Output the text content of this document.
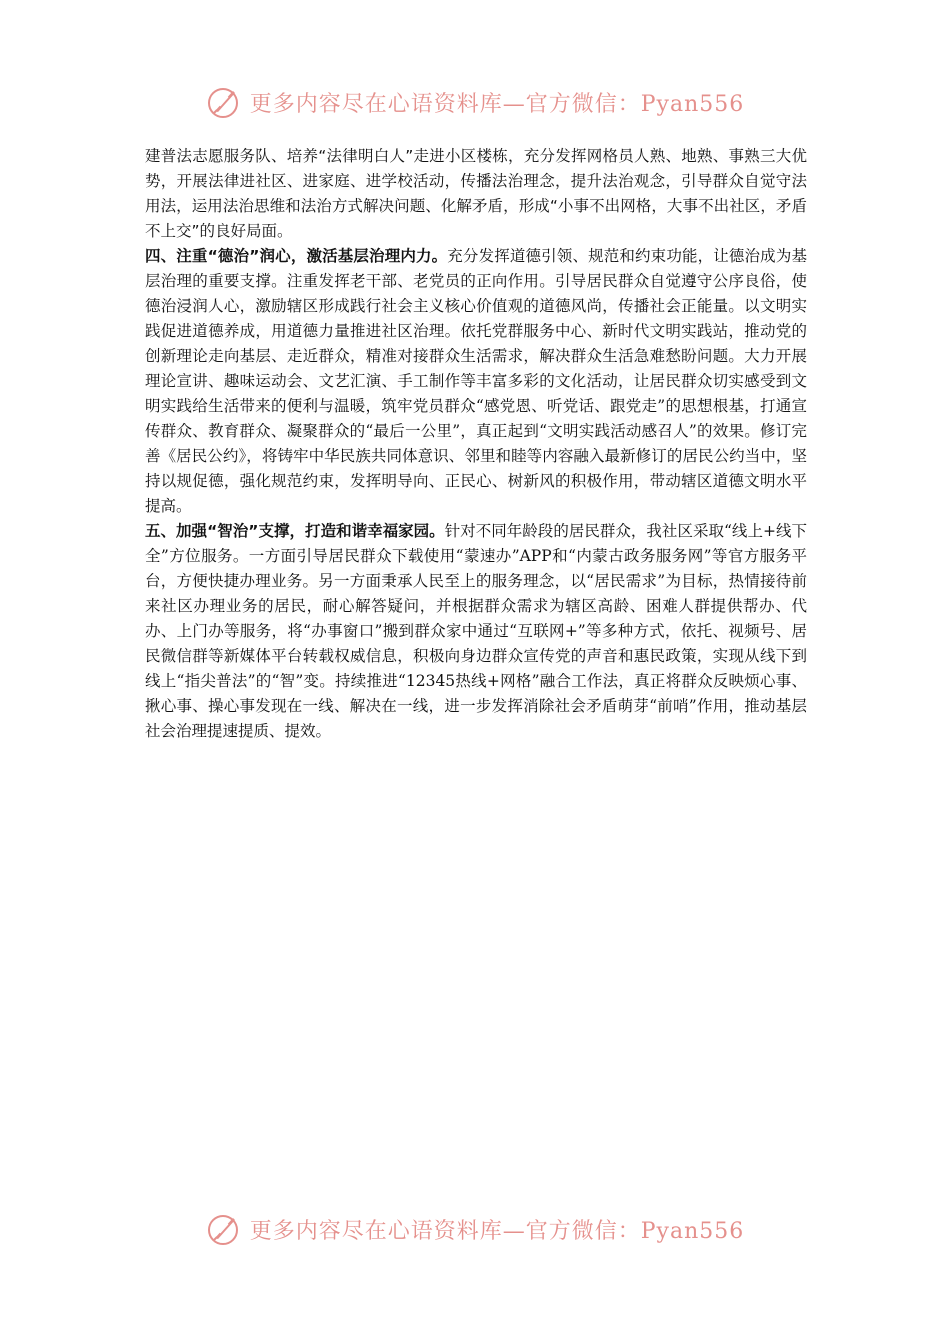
更多内容尽在心语资料库—官方微信：Pyan556

建普法志愿服务队、培养“法律明白人”走进小区楼栋，充分发挥网格员人熟、地熟、事熟三大优势，开展法律进社区、进家庭、进学校活动，传播法治理念，提升法治观念，引导群众自觉守法用法，运用法治思维和法治方式解决问题、化解矛盾，形成“小事不出网格，大事不出社区，矛盾不上交”的良好局面。

四、注重“德治”润心，激活基层治理内力。充分发挥道德引领、规范和约束功能，让德治成为基层治理的重要支撑。注重发挥老干部、老党员的正向作用。引导居民群众自觉遵守公序良俗，使德治浸润人心，激励辖区形成践行社会主义核心价值观的道德风尚，传播社会正能量。以文明实践促进道德养成，用道德力量推进社区治理。依托党群服务中心、新时代文明实践站，推动党的创新理论走向基层、走近群众，精准对接群众生活需求，解决群众生活急难愁盼问题。大力开展理论宣讲、趣味运动会、文艺汇演、手工制作等丰富多彩的文化活动，让居民群众切实感受到文明实践给生活带来的便利与温暖，筑牢党员群众“感党恩、听党话、跟党走”的思想根基，打通宣传群众、教育群众、凝聚群众的“最后一公里”，真正起到“文明实践活动感召人”的效果。修订完善《居民公约》，将铸牢中华民族共同体意识、邻里和睦等内容融入最新修订的居民公约当中，坚持以规促德，强化规范约束，发挥明导向、正民心、树新风的积极作用，带动辖区道德文明水平提高。

五、加强“智治”支撑，打造和谐幸福家园。针对不同年龄段的居民群众，我社区采取“线上+线下全”方位服务。一方面引导居民群众下载使用“蒙速办”APP和“内蒙古政务服务网”等官方服务平台，方便快捷办理业务。另一方面秉承人民至上的服务理念，以“居民需求”为目标，热情接待前来社区办理业务的居民，耐心解答疑问，并根据群众需求为辖区高龄、困难人群提供帮办、代办、上门办等服务，将“办事窗口”搬到群众家中通过“互联网+”等多种方式，依托、视频号、居民微信群等新媒体平台转载权威信息，积极向身边群众宣传党的声音和惠民政策，实现从线下到线上“指尖普法”的“智”变。持续推进“12345热线+网格”融合工作法，真正将群众反映烦心事、揪心事、操心事发现在一线、解决在一线，进一步发挥消除社会矛盾萌芽“前哨”作用，推动基层社会治理提速提质、提效。

更多内容尽在心语资料库—官方微信：Pyan556
